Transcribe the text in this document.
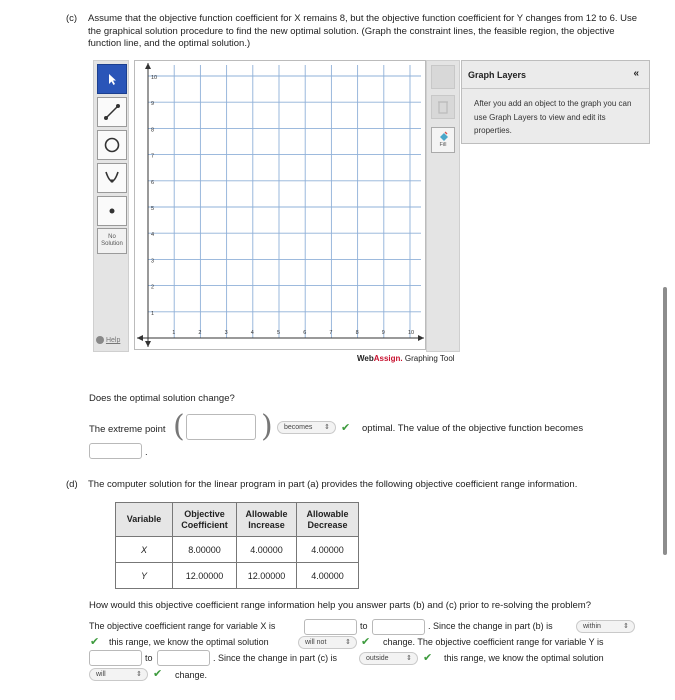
(c) Assume that the objective function coefficient for X remains 8, but the objective function coefficient for Y changes from 12 to 6. Use the graphical solution procedure to find the new optimal solution. (Graph the constraint lines, the feasible region, the objective function line, and the optimal solution.)
No
Solution
Help
10
9
8
7
6
5
4
3
2
1
1	2	3	4	5	6	7	8	9	10
Fill
Graph Layers	«
After you add an object to the graph you can use Graph Layers to view and edit its properties.
WebAssign. Graphing Tool
Does the optimal solution change?
The extreme point (	)	becomes ⇕ ✔ optimal. The value of the objective function becomes
.
(d) The computer solution for the linear program in part (a) provides the following objective coefficient range information.
Variable	Objective Coefficient	Allowable Increase	Allowable Decrease
X	8.00000	4.00000	4.00000
Y	12.00000	12.00000	4.00000
How would this objective coefficient range information help you answer parts (b) and (c) prior to re-solving the problem?
The objective coefficient range for variable X is	to	. Since the change in part (b) is	within	⇕
✔ this range, we know the optimal solution	will not	⇕ ✔ change. The objective coefficient range for variable Y is
to	. Since the change in part (c) is	outside	⇕ ✔ this range, we know the optimal solution
will	⇕ ✔ change.
